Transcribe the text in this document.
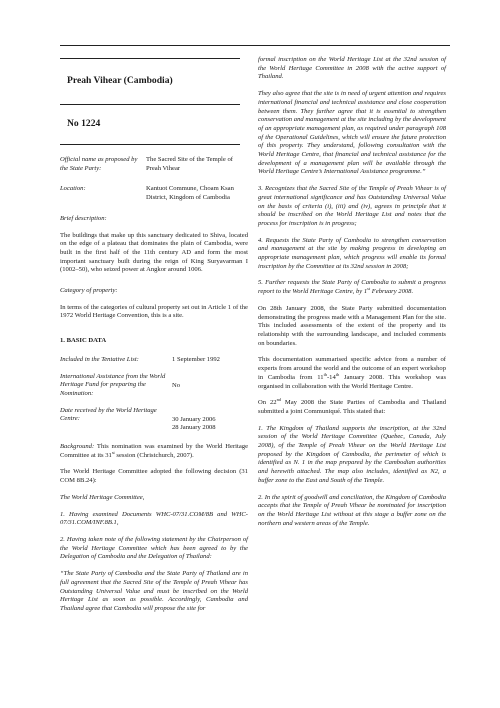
Preah Vihear (Cambodia)
No 1224

Official name as proposed by the State Party:

The Sacred Site of the Temple of Preah Vihear

Location:	Kantuot Commune, Choam Ksan District, Kingdom of Cambodia

Brief description:

The buildings that make up this sanctuary dedicated to Shiva, located on the edge of a plateau that dominates the plain of Cambodia, were built in the first half of the 11th century AD and form the most important sanctuary built during the reign of King Suryavarman I (1002–50), who seized power at Angkor around 1006.

Category of property:

In terms of the categories of cultural property set out in Article 1 of the 1972 World Heritage Convention, this is a site.

1. BASIC DATA

Included in the Tentative List:	1 September 1992

International Assistance from the World Heritage Fund for preparing the Nomination:

No

Date received by the World Heritage Centre:	30 January 2006

28 January 2008

Background: This nomination was examined by the World Heritage Committee at its 31st session (Christchurch, 2007).

The World Heritage Committee adopted the following decision (31 COM 8B.24):

The World Heritage Committee,

1. Having examined Documents WHC-07/31.COM/8B and WHC-07/31.COM/INF.8B.1,

2. Having taken note of the following statement by the Chairperson of the World Heritage Committee which has been agreed to by the Delegation of Cambodia and the Delegation of Thailand:

“The State Party of Cambodia and the State Party of Thailand are in full agreement that the Sacred Site of the Temple of Preah Vihear has Outstanding Universal Value and must be inscribed on the World Heritage List as soon as possible. Accordingly, Cambodia and Thailand agree that Cambodia will propose the site for

formal inscription on the World Heritage List at the 32nd session of the World Heritage Committee in 2008 with the active support of Thailand.

They also agree that the site is in need of urgent attention and requires international financial and technical assistance and close cooperation between them. They further agree that it is essential to strengthen conservation and management at the site including by the development of an appropriate management plan, as required under paragraph 108 of the Operational Guidelines, which will ensure the future protection of this property. They understand, following consultation with the World Heritage Centre, that financial and technical assistance for the development of a management plan will be available through the World Heritage Centre’s International Assistance programme.”

3. Recognizes that the Sacred Site of the Temple of Preah Vihear is of great international significance and has Outstanding Universal Value on the basis of criteria (i), (iii) and (iv), agrees in principle that it should be inscribed on the World Heritage List and notes that the process for inscription is in progress;

4. Requests the State Party of Cambodia to strengthen conservation and management at the site by making progress in developing an appropriate management plan, which progress will enable its formal inscription by the Committee at its 32nd session in 2008;

5. Further requests the State Party of Cambodia to submit a progress report to the World Heritage Centre, by 1st February 2008.

On 28th January 2008, the State Party submitted documentation demonstrating the progress made with a Management Plan for the site. This included assessments of the extent of the property and its relationship with the surrounding landscape, and included comments on boundaries.

This documentation summarised specific advice from a number of experts from around the world and the outcome of an expert workshop in Cambodia from 11th-14th January 2008. This workshop was organised in collaboration with the World Heritage Centre.

On 22nd May 2008 the State Parties of Cambodia and Thailand submitted a joint Communiqué. This stated that:

1. The Kingdom of Thailand supports the inscription, at the 32nd session of the World Heritage Committee (Quebec, Canada, July 2008), of the Temple of Preah Vihear on the World Heritage List proposed by the Kingdom of Cambodia, the perimeter of which is identified as N. 1 in the map prepared by the Cambodian authorities and herewith attached. The map also includes, identified as N2, a buffer zone to the East and South of the Temple.

2. In the spirit of goodwill and conciliation, the Kingdom of Cambodia accepts that the Temple of Preah Vihear be nominated for inscription on the World Heritage List without at this stage a buffer zone on the northern and western areas of the Temple.
